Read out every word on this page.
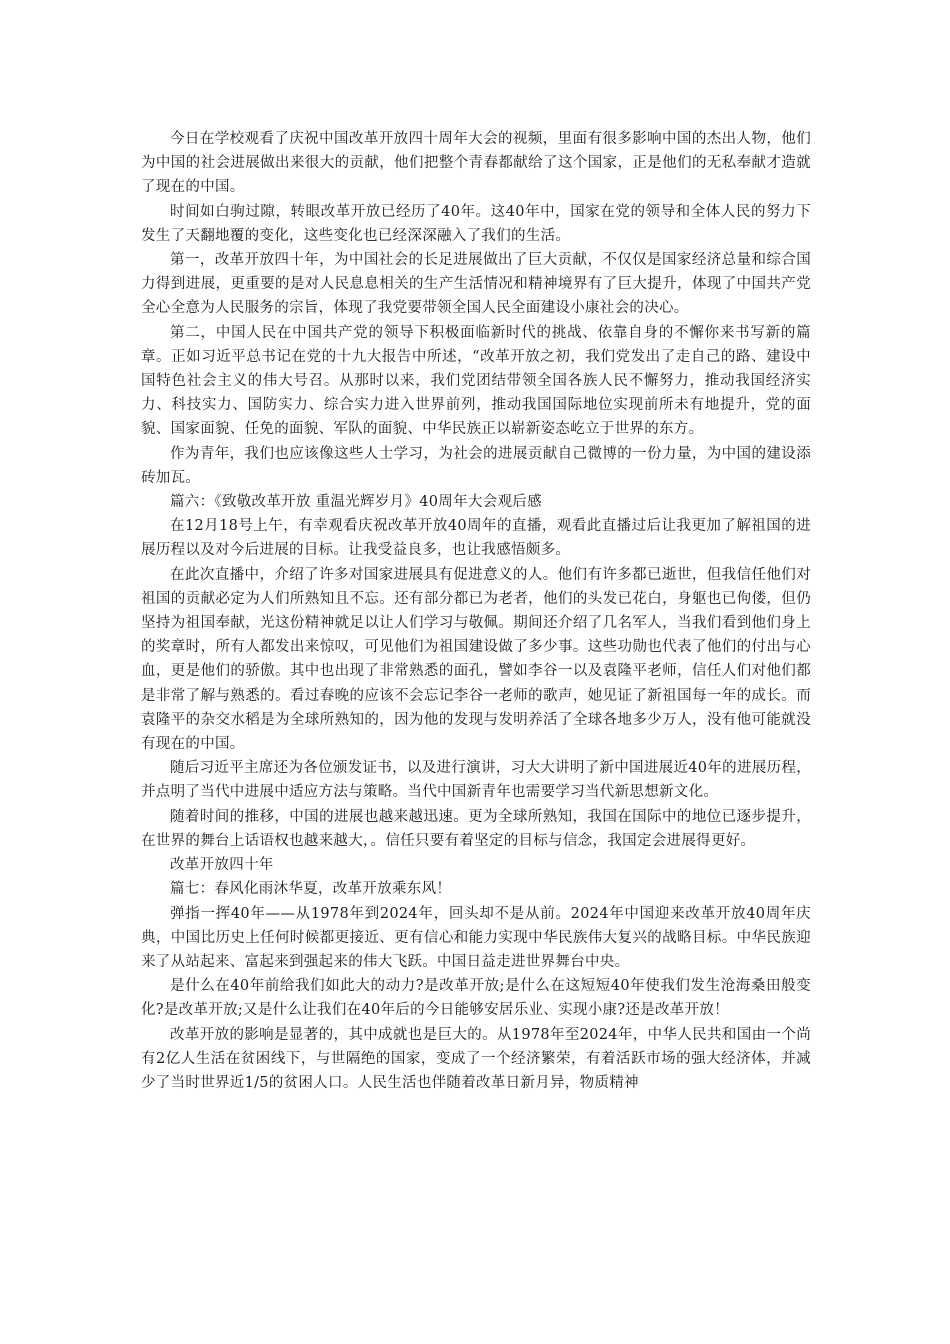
今日在学校观看了庆祝中国改革开放四十周年大会的视频，里面有很多影响中国的杰出人物，他们为中国的社会进展做出来很大的贡献，他们把整个青春都献给了这个国家，正是他们的无私奉献才造就了现在的中国。

时间如白驹过隙，转眼改革开放已经历了40年。这40年中，国家在党的领导和全体人民的努力下发生了天翻地覆的变化，这些变化也已经深深融入了我们的生活。

第一，改革开放四十年，为中国社会的长足进展做出了巨大贡献，不仅仅是国家经济总量和综合国力得到进展，更重要的是对人民息息相关的生产生活情况和精神境界有了巨大提升，体现了中国共产党全心全意为人民服务的宗旨，体现了我党要带领全国人民全面建设小康社会的决心。

第二，中国人民在中国共产党的领导下积极面临新时代的挑战、依靠自身的不懈你来书写新的篇章。正如习近平总书记在党的十九大报告中所述，“改革开放之初，我们党发出了走自己的路、建设中国特色社会主义的伟大号召。从那时以来，我们党团结带领全国各族人民不懈努力，推动我国经济实力、科技实力、国防实力、综合实力进入世界前列，推动我国国际地位实现前所未有地提升，党的面貌、国家面貌、任免的面貌、军队的面貌、中华民族正以崭新姿态屹立于世界的东方。

作为青年，我们也应该像这些人士学习，为社会的进展贡献自己微博的一份力量，为中国的建设添砖加瓦。

篇六：《致敬改革开放 重温光辉岁月》40周年大会观后感

在12月18号上午，有幸观看庆祝改革开放40周年的直播，观看此直播过后让我更加了解祖国的进展历程以及对今后进展的目标。让我受益良多，也让我感悟颇多。

在此次直播中，介绍了许多对国家进展具有促进意义的人。他们有许多都已逝世，但我信任他们对祖国的贡献必定为人们所熟知且不忘。还有部分都已为老者，他们的头发已花白，身躯也已佝偻，但仍坚持为祖国奉献，光这份精神就足以让人们学习与敬佩。期间还介绍了几名军人，当我们看到他们身上的奖章时，所有人都发出来惊叹，可见他们为祖国建设做了多少事。这些功勋也代表了他们的付出与心血，更是他们的骄傲。其中也出现了非常熟悉的面孔，譬如李谷一以及袁隆平老师，信任人们对他们都是非常了解与熟悉的。看过春晚的应该不会忘记李谷一老师的歌声，她见证了新祖国每一年的成长。而袁隆平的杂交水稻是为全球所熟知的，因为他的发现与发明养活了全球各地多少万人，没有他可能就没有现在的中国。

随后习近平主席还为各位颁发证书，以及进行演讲，习大大讲明了新中国进展近40年的进展历程，并点明了当代中进展中适应方法与策略。当代中国新青年也需要学习当代新思想新文化。

随着时间的推移，中国的进展也越来越迅速。更为全球所熟知，我国在国际中的地位已逐步提升，在世界的舞台上话语权也越来越大，。信任只要有着坚定的目标与信念，我国定会进展得更好。

改革开放四十年

篇七：春风化雨沐华夏，改革开放乘东风！

弹指一挥40年——从1978年到2024年，回头却不是从前。2024年中国迎来改革开放40周年庆典，中国比历史上任何时候都更接近、更有信心和能力实现中华民族伟大复兴的战略目标。中华民族迎来了从站起来、富起来到强起来的伟大飞跃。中国日益走进世界舞台中央。

是什么在40年前给我们如此大的动力?是改革开放;是什么在这短短40年使我们发生沧海桑田般变化?是改革开放;又是什么让我们在40年后的今日能够安居乐业、实现小康?还是改革开放！

改革开放的影响是显著的，其中成就也是巨大的。从1978年至2024年，中华人民共和国由一个尚有2亿人生活在贫困线下，与世隔绝的国家，变成了一个经济繁荣，有着活跃市场的强大经济体，并减少了当时世界近1/5的贫困人口。人民生活也伴随着改革日新月异，物质精神
